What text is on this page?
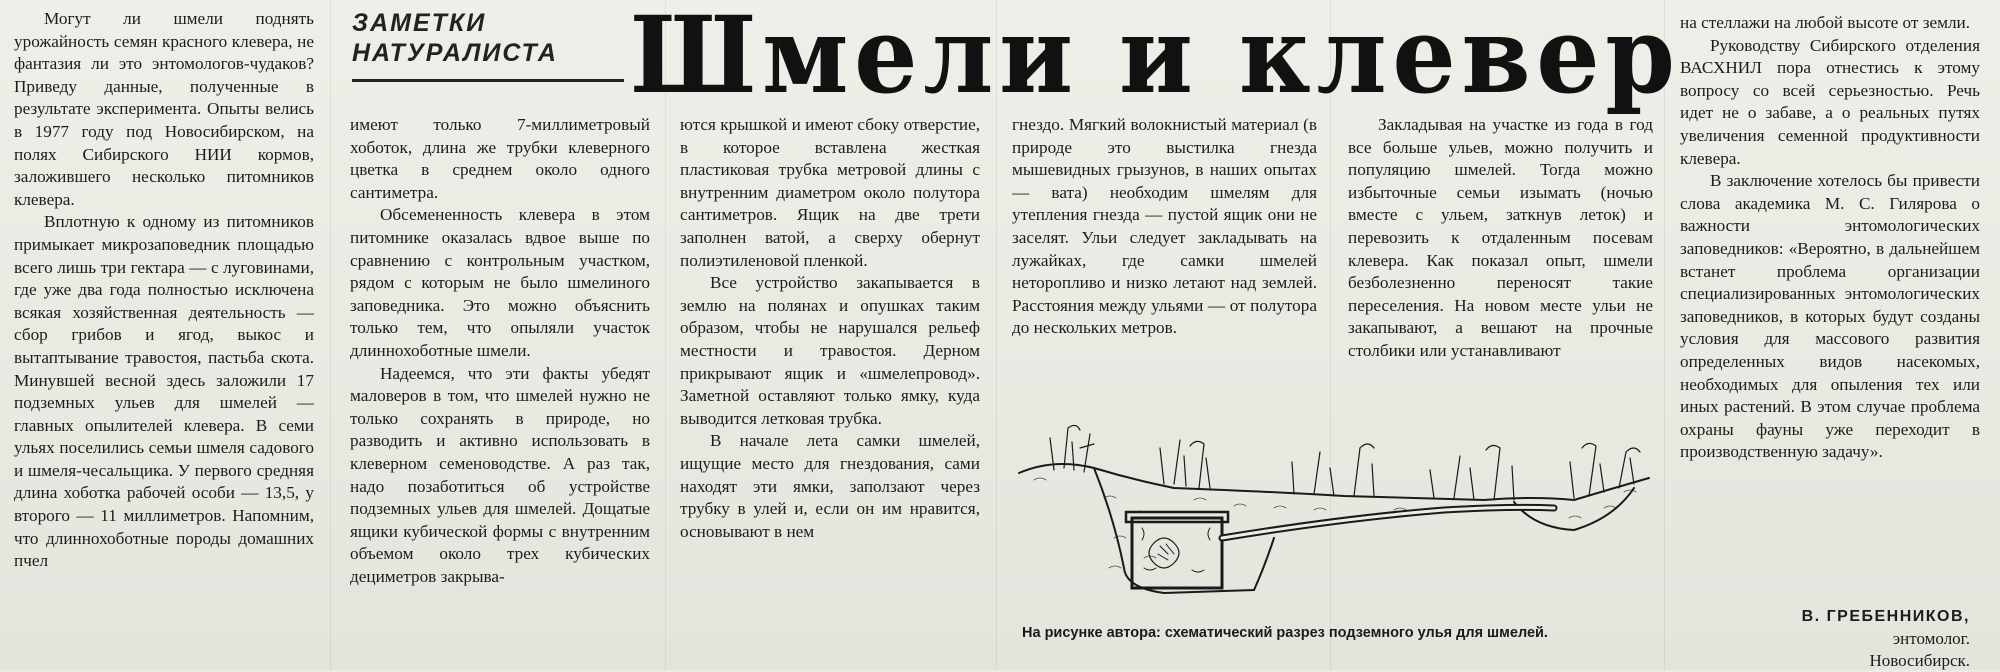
ЗАМЕТКИ
НАТУРАЛИСТА Шмели и клевер

Могут ли шмели поднять урожайность семян красного клевера, не фантазия ли это энтомологов-чудаков? Приведу данные, полученные в результате эксперимента. Опыты велись в 1977 году под Новосибирском, на полях Сибирского НИИ кормов, заложившего несколько питомников клевера.

Вплотную к одному из питомников примыкает микрозаповедник площадью всего лишь три гектара — с луговинами, где уже два года полностью исключена всякая хозяйственная деятельность — сбор грибов и ягод, выкос и вытаптывание травостоя, пастьба скота. Минувшей весной здесь заложили 17 подземных ульев для шмелей — главных опылителей клевера. В семи ульях поселились семьи шмеля садового и шмеля-чесальщика. У первого средняя длина хоботка рабочей особи — 13,5, у второго — 11 миллиметров. Напомним, что длиннохоботные породы домашних пчел

имеют только 7-миллиметровый хоботок, длина же трубки клеверного цветка в среднем около одного сантиметра.

Обсемененность клевера в этом питомнике оказалась вдвое выше по сравнению с контрольным участком, рядом с которым не было шмелиного заповедника. Это можно объяснить только тем, что опыляли участок длиннохоботные шмели.

Надеемся, что эти факты убедят маловеров в том, что шмелей нужно не только сохранять в природе, но разводить и активно использовать в клеверном семеноводстве. А раз так, надо позаботиться об устройстве подземных ульев для шмелей. Дощатые ящики кубической формы с внутренним объемом около трех кубических дециметров закрыва-

ются крышкой и имеют сбоку отверстие, в которое вставлена жесткая пластиковая трубка метровой длины с внутренним диаметром около полутора сантиметров. Ящик на две трети заполнен ватой, а сверху обернут полиэтиленовой пленкой.

Все устройство закапывается в землю на полянах и опушках таким образом, чтобы не нарушался рельеф местности и травостоя. Дерном прикрывают ящик и «шмелепровод». Заметной оставляют только ямку, куда выводится летковая трубка.

В начале лета самки шмелей, ищущие место для гнездования, сами находят эти ямки, заползают через трубку в улей и, если он им нравится, основывают в нем

гнездо. Мягкий волокнистый материал (в природе это выстилка гнезда мышевидных грызунов, в наших опытах — вата) необходим шмелям для утепления гнезда — пустой ящик они не заселят. Ульи следует закладывать на лужайках, где самки шмелей неторопливо и низко летают над землей. Расстояния между ульями — от полутора до нескольких метров.

Закладывая на участке из года в год все больше ульев, можно получить и популяцию шмелей. Тогда можно избыточные семьи изымать (ночью вместе с ульем, заткнув леток) и перевозить к отдаленным посевам клевера. Как показал опыт, шмели безболезненно переносят такие переселения. На новом месте ульи не закапывают, а вешают на прочные столбики или устанавливают

на стеллажи на любой высоте от земли.

Руководству Сибирского отделения ВАСХНИЛ пора отнестись к этому вопросу со всей серьезностью. Речь идет не о забаве, а о реальных путях увеличения семенной продуктивности клевера.

В заключение хотелось бы привести слова академика М. С. Гилярова о важности энтомологических заповедников: «Вероятно, в дальнейшем встанет проблема организации специализированных энтомологических заповедников, в которых будут созданы условия для массового развития определенных видов насекомых, необходимых для опыления тех или иных растений. В этом случае проблема охраны фауны уже переходит в производственную задачу».

На рисунке автора: схематический разрез подземного улья для шмелей.
В. ГРЕБЕННИКОВ,
энтомолог.
Новосибирск.
